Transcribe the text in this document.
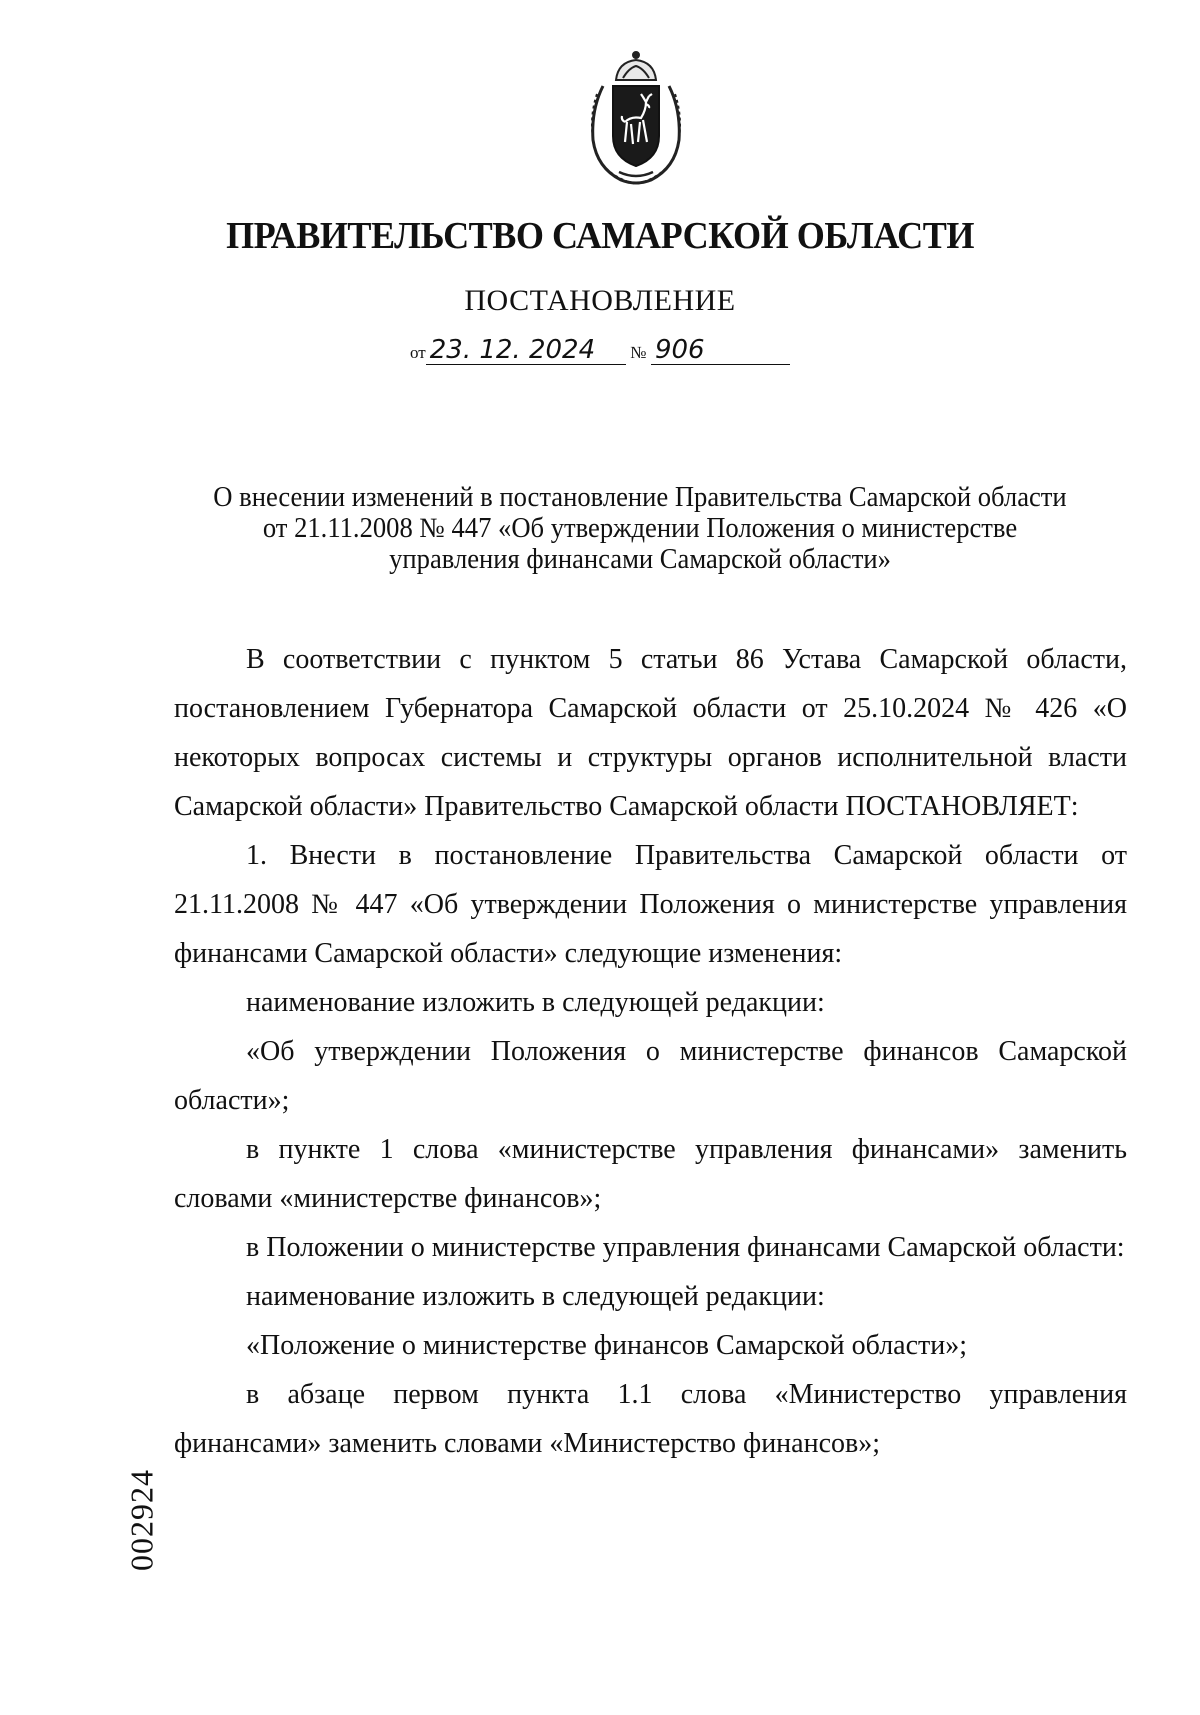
ПРАВИТЕЛЬСТВО САМАРСКОЙ ОБЛАСТИ
ПОСТАНОВЛЕНИЕ
от 23. 12. 2024 № 906
О внесении изменений в постановление Правительства Самарской области
от 21.11.2008 № 447 «Об утверждении Положения о министерстве
управления финансами Самарской области»

В соответствии с пунктом 5 статьи 86 Устава Самарской области, постановлением Губернатора Самарской области от 25.10.2024 № 426 «О некоторых вопросах системы и структуры органов исполнительной власти Самарской области» Правительство Самарской области ПОСТАНОВЛЯЕТ:

1. Внести в постановление Правительства Самарской области от 21.11.2008 № 447 «Об утверждении Положения о министерстве управления финансами Самарской области» следующие изменения:

наименование изложить в следующей редакции:

«Об утверждении Положения о министерстве финансов Самарской области»;

в пункте 1 слова «министерстве управления финансами» заменить словами «министерстве финансов»;

в Положении о министерстве управления финансами Самарской области:

наименование изложить в следующей редакции:

«Положение о министерстве финансов Самарской области»;

в абзаце первом пункта 1.1 слова «Министерство управления финансами» заменить словами «Министерство финансов»;

002924
